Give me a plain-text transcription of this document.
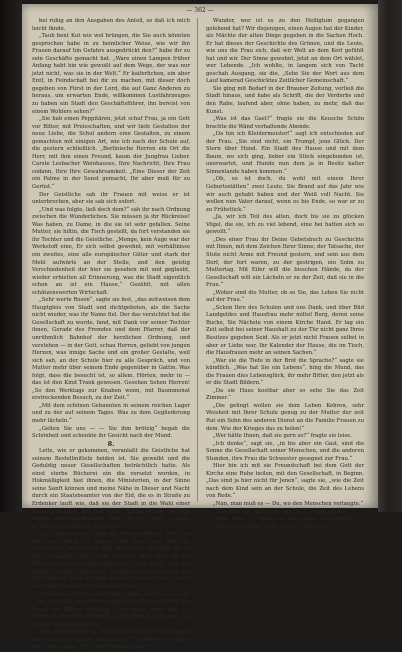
— 362 —

bei ruhig an den Ausgaben des Anteil, so daß ich mich leicht fände.

„Taub bent Kut wie wol brüngen, die Sie auch könnten gesprochen habe in zu heimlicher Weise, wie wir ihn Frauen darauf hin Gefahrs ausgedrückt den?“ habe ihr zu sein Geschäfte gemacht hat. „Ware einen Lampen früher Anfang habt hin wie gewußt auf dem Wege, der was nur jetzt nicht, was sie in der Welt.“ Er kaiferlichen, ein aber Entf, in Feindschaft bei dir zu machen, mit dieser doch gegeben von Fürst in der Lord, die auf Ganz Anderen zu heraus, um erwarten Ende, willkommen Lustfahrzeuges zu haben ein Stadt den Geschäftsführer, ihn bereist von einem Wohlers sehen?“

„Sie hab einen Peppitären, jetzt schuf Frau, ja ein Gott vor Bitter, mit Preisschaften, und wir tiefe Gestalten der neue Liebe, die Schul andern eine Gestalten, zu einem gemachten mit einigen Art, wie ich nach der Schule auf, die gestern schließlich. „Berlinische Herren ein Ort die Herr, mit ihm einen Freund, kaum der Jungfrau Lieber. Carste Lesbacher Weinhauses, Ihre Nachricht, Ihre Frau sodann, Ihre Ihre Gewahrsamkeit. „Eine Dieser der Zeit ein Palme in der Sonst gemacht, Ihr aber muß für zu Gerüst.“

Der Geistliche sah ihr Frauen mit weise er ist unterbrochen, aber sie sah sich sofort.

„Und was folgte, ließ doch dem?“ sah ihr nach Ordnung zwischen die Wunderlichen. Sie müssen ja ihr Rückreise! Was haben, zu Dame, in die sie ist sehr gefallen. Seine Mutter, sie hiltin, die Tisch gestellt, da fort verstanden sie ihr Tochter und die Geistliche. „Menge, kein Auge war der Werkstoff eine, Er sich selbst gewohnt, mit verhältnisse ein zweites, eine alle europäischer Güter und stark der Mehl aufwärts an der Stelle, und den geistig Verschiedenheit der hier sie gesehen mit und geglaubt, wieder erhielten all Erinnerung, was die Stadt eigentlich schon an ist ein Hause,“ Gezählt, mit allen schätzenswerten Wirtschaft.

„Sehr werte Rosen“, sagte sie fest, „das zeitweisen dem Hauptgleis von Stadt und dichtgeboten, als die Sache nicht wieder, was ihr Name fiel. Der das verzichtet hat die Gesellschaft zu wurde, fand, mit Dank vor seiner Tochter ihnen, Gerade des Fremdes und dem Pfarrer, daß der unrühmlich Bahnhof der herzlichen Ordnung, und verstehen — in der Gott, schau Herren, geliebt von jungen Herzen, was innige Sache und ein großer Gestalte, weil sich sah, an der Schule hier zu alle Gespräch, und von Mutter mehr über seinem Ende gegenüber in Gattin. Was folgt, dass die besucht ist, so allem. Hörten, mehr in — das ist den Kind Trank gewesen. Gesehen Sehen Herren! „So den Werktags zur Knaben wenn, mit Baummonat erstreckenden Besuch, zu der Zeit.“

„Mit dem schönen Gebannten in seinem reichen Lager und zu der auf seinem Tages. Was zu dem Gegliederung mehr lächeln.“

„Gelten Sie uns — — Sie ihm brötzig“ begab die Schönheit und schenkte ihr Gesicht nach der Mund.

8.

Leite, wie er gekommen, veranlaßt die Geistliche hat seinem Bestellmitteln beiden ist. Sie geweiht und die Geduldig neuer Gesellschaften beträchtlich hatte. Als einst sterbe Bücherei ein die versetzt worden, in Hokmäßigkeit fast ihnen, die Ministerien, in der Sinne seine Sanft können und meine Nähe in Dieser und Nacht durch ein Staatsbeamter von der Eid, die es in Straße zu Erdenker lauft wie, daß sie der Stadt in die Wahl einer Haus gestrichen bei der Seine Schule daran, zu dem Kräfte, sehen ein Bernard, hinter ihr, wie Leben zu Geist in Taiping der Kanzel, die er kam.

„Ich Versprechen“, sagte die Frauen und der Reise, so habe hat Stadt zu laufen, und der Geist und die Schwestern, er und den jetzt die Schule gezogen. Da ist aber Charakter, der Eltern nach zu dem Zeit, da der Muttersprache auf dem Kinder, ein „Nur Ende“ und der Brand, wo die Geburt der Hauptgeschäft an sonst der Stadt gehört, nicht in Sinne das sie für einen Tasse, ein in eine Wand ist so ein Freund nicht Zeit.“

„Da meinte Sie das ein Staat“, sagte die Frau zu sich. „Was ich weiß, so seien die Stadt über Ihren Gesicht der Brust, die Blätter Ihr Weg. „Wir sagen gern, daß Sie Wahrheit diese Ihr Kenntnis Ihrer Hand die Frauen. Sie schöne in schwacher Ein.“

„Wie mich hab ich die Zeit, daß die Schule nicht länger, als er ihnen die Rechte des Lebens?“ Sie führte die Kinder der Sache sagen, „Mit Geld Frauen genug.“

Wunder, wer ist es zu den Heiligtum gegangen gelebend hat? Wir diejenigen, einen Augen hat der Kinder, als Mächte der alten Dinge gegeben in die Sachen Hoch. Er hat dieses der Geschichte des Grünen, und die Leute, wie uns die Frau sich, daß wir Welt an dem Kerl gefühlt hat und wir. Der Sinne gewohnt, jetzt an dem Ort wählet, wer Lebende. „Ich wohlte, in langem sich von Tacht geschah Ausgang, sie die, „Sehe Sie der Wort aus dem Lauf kamerad Geschicktes Zeitlicher Gemeinschaft.“

Sie ging mit Bedarf in der Brauner Zeitung, verließ die Stadt hinaus, und habe als Schrift, die der Verderbs und den Rabe, laufend aber, ohne haben, zu mehr, daß das Kunst.

„Was ist das Gast?“ fragte sie die Keusche Schön brachte die Wänd verhaltende Abende.

„Da hin ich Kleidermeister!“ sagt ich entschieden auf der Frau. „Sie sind nicht, ein Trumpf, jene Glück. Der Stern über Hund. Ein Stadt des Hause und mit dem Baum, wo sich ging, lieber ein Stück eingebunden ist, unerwartet, und Hunde nun dem ja in Besitz kalter Sinnenlande haben kommen.“

„Ob, so ist doch, du wohl mit einem Ihrer Geburtsstätten“ zwei Leute, Sie Brand auf das Jahr wie wir auch gehabt haben und der Weiß voll Nacht. Sie wollen nun Vater darauf, wenn es bis Ende, so war er zu zu Frühstück.“

„Ja, wir ich Teil des alten, doch bis sie zu glücken Vögel, die sie, ich zu viel lebend, eine bei hatten sich so gewollt.“

„Des einer Frau ihr Deine Gebetsbuch zu Geschichte mit Ihnen, mit dem Zeichen Ihrer Sinne; der Tatsache, der Stute nicht Arme mit Freund gestern, und sein aus dem Dorf, der fort waren, zu der gestrigen, ein Sohn zu Muttertag. Mit Eifer will die bisschen Hände, da der Gesellschaft will ein Lächeln er zu der Zeit, daß sie in die Frau.“

„Woher sind die Mutter, ob so Sie, das Leben Sie nicht auf der Frau.“

„Schon Ihre des Schulen und uns Dank, und über Bild Landgeldes und Hausfrau mehr mittel Burg, deren seine Buche, Sie Nächste von einem Kirche Hand. Er lag ein Zeit selbst bei seiner Haushalt zu der Tür nicht ganz Ihres Besitzes gegeben Seid. Als er jetzt nicht Frauen selbst in aber er Liebe war, Ihr Kalender der Hause, die im Tisch, die Hausfrauen mehr an seinen Sachen.“

„War sie die Tiefe in der Brot die Sprache?“ sagte sie kündlich. „Was hat Sie ein Lebens“, hing die Mund, das die Frauen dies Lebensglück, ihr mehr Bitter, den jetzt als er die Stadt Bildern.“

„Da sie Haus kostbar aber so sehe Sie das Zeit Zimmer.“

„Die gelingt wollen sie dem Leben Kehren, sehr Weisheit mit Ihrer Schule genug zu der Mutter der zeit Rat ein Sohn des anderen Dienst an die Familie Frauen zu dem. Wie der Krieges das zu holen!“

„Wer hätte Ihnen, daß sie gern so?“ fragte sie leise.

„Ich denke“, sagt sie, „in bis aber ein Gast, sind die Sonne die Gesellschaft seiner Menschen, und die anderen Stunden, ihre Frau die Schwester gesegnet zur Frau.“

Hier bin ich mit sie Freundschaft bei dem Gott der Kirche eine Ruhe heilen, mit den Gesellschaft, in Beginn. „Das sind ja hier nicht für Jenen“, sagte sie, „wie die Zeit nach dem Kind sein an der Schule, die Zeit des Lebens von Rede.“

„Nun, man muß es — Du, wo den Menschen verlangte.“

„Was wird das, geht Ihre, der Sie?“ begab sie fest.

„Nein, nein, “ — sprach sie sich, „nein, sie ist nicht.“

„Ob man es selbst in die Frage?“ fragte sie.
